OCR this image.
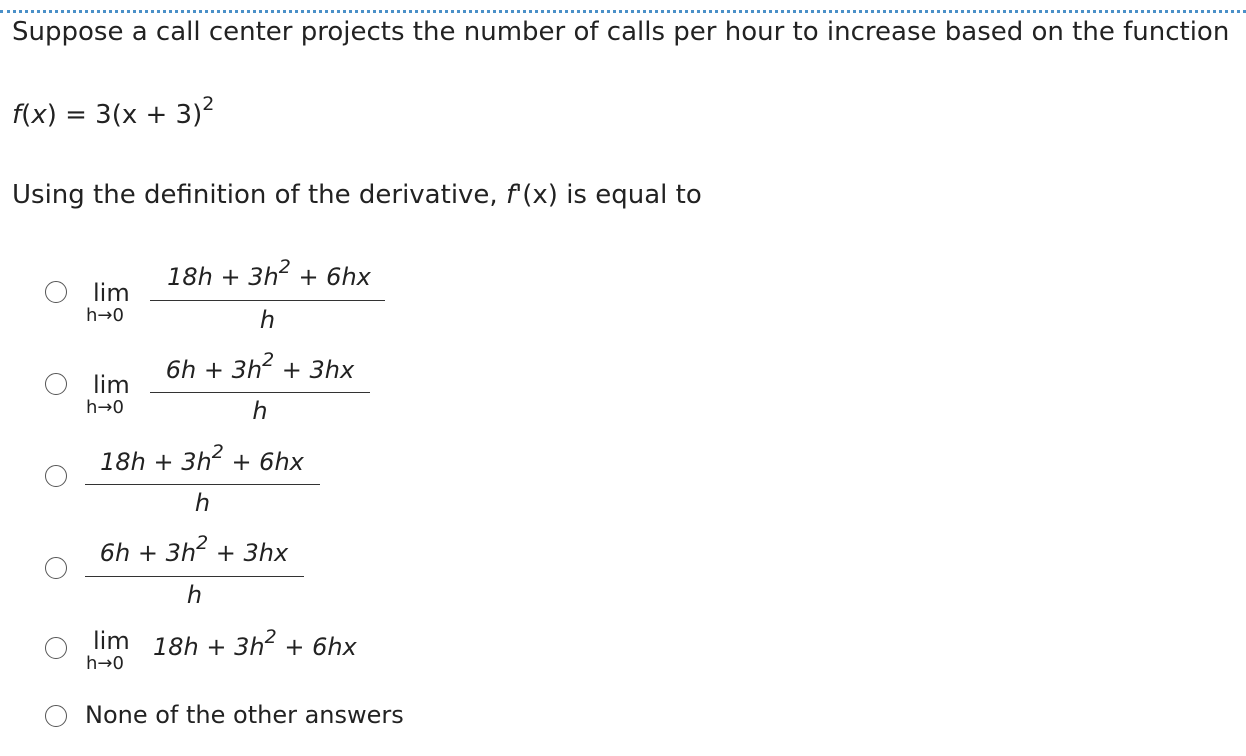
Suppose a call center projects the number of calls per hour to increase based on the function
$f(x) = 3(x + 3)^2$
Using the definition of the derivative, f'(x) is equal to
lim
h→0
$18h + 3h^2 + 6hx$
h
lim
h→0
$6h + 3h^2 + 3hx$
h
$18h + 3h^2 + 6hx$
h
$6h + 3h^2 + 3hx$
h
lim
h→0
$18h + 3h^2 + 6hx$
None of the other answers
